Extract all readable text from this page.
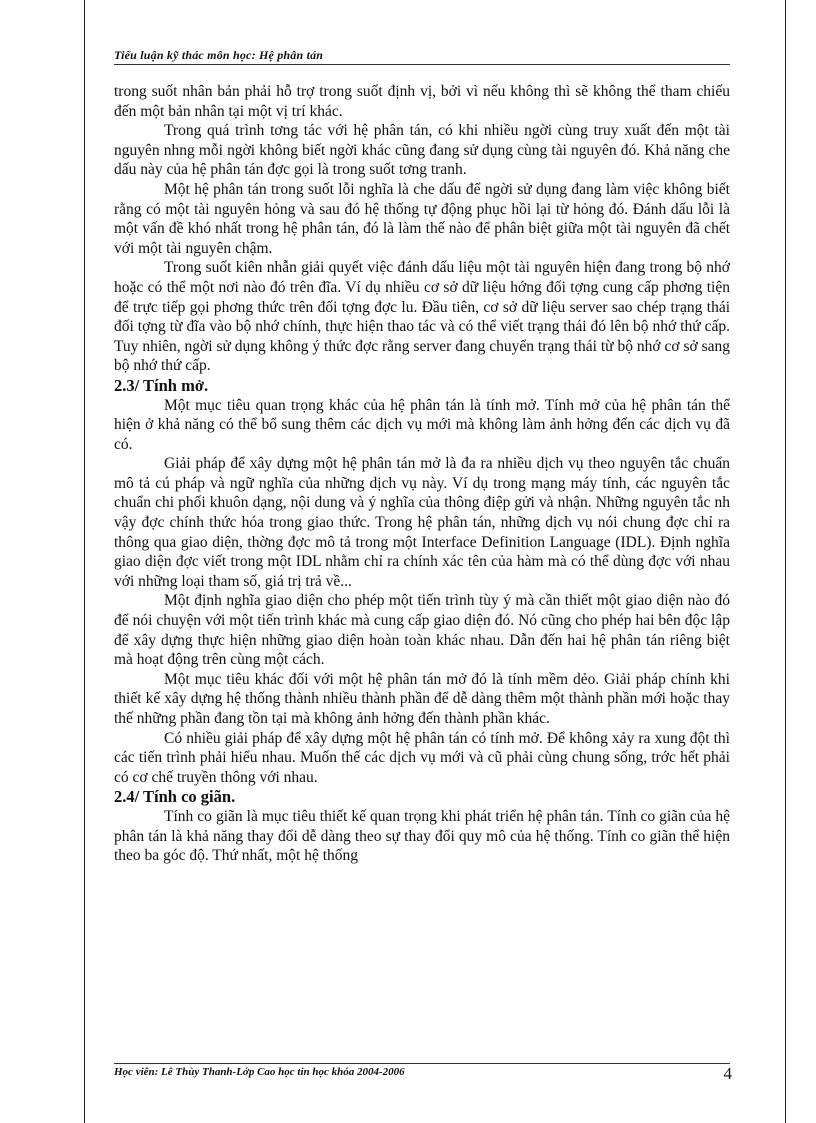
Tiểu luận kỹ thác môn học: Hệ phân tán

trong suốt nhân bản phải hỗ trợ trong suốt định vị, bởi vì nếu không thì sẽ không thể tham chiếu đến một bản nhân tại một vị trí khác.

Trong quá trình tơng tác với hệ phân tán, có khi nhiều ngời cùng truy xuất đến một tài nguyên nhng mỗi ngời không biết ngời khác cũng đang sử dụng cùng tài nguyên đó. Khả năng che dấu này của hệ phân tán đợc gọi là trong suốt tơng tranh.

Một hệ phân tán trong suốt lỗi nghĩa là che dấu để ngời sử dụng đang làm việc không biết rằng có một tài nguyên hỏng và sau đó hệ thống tự động phục hồi lại từ hỏng đó. Đánh dấu lỗi là một vấn đề khó nhất trong hệ phân tán, đó là làm thế nào để phân biệt giữa một tài nguyên đã chết với một tài nguyên chậm.

Trong suốt kiên nhẫn giải quyết việc đánh dấu liệu một tài nguyên hiện đang trong bộ nhớ hoặc có thể một nơi nào đó trên đĩa. Ví dụ nhiều cơ sở dữ liệu hớng đối tợng cung cấp phơng tiện để trực tiếp gọi phơng thức trên đối tợng đợc lu. Đầu tiên, cơ sở dữ liệu server sao chép trạng thái đối tợng từ đĩa vào bộ nhớ chính, thực hiện thao tác và có thể viết trạng thái đó lên bộ nhớ thứ cấp. Tuy nhiên, ngời sử dụng không ý thức đợc rằng server đang chuyển trạng thái từ bộ nhớ cơ sở sang bộ nhớ thứ cấp.

2.3/ Tính mở.

Một mục tiêu quan trọng khác của hệ phân tán là tính mở. Tính mở của hệ phân tán thể hiện ở khả năng có thể bổ sung thêm các dịch vụ mới mà không làm ảnh hởng đến các dịch vụ đã có.

Giải pháp để xây dựng một hệ phân tán mở là đa ra nhiều dịch vụ theo nguyên tắc chuẩn mô tả cú pháp và ngữ nghĩa của những dịch vụ này. Ví dụ trong mạng máy tính, các nguyên tắc chuẩn chi phối khuôn dạng, nội dung và ý nghĩa của thông điệp gửi và nhận. Những nguyên tắc nh vậy đợc chính thức hóa trong giao thức. Trong hệ phân tán, những dịch vụ nói chung đợc chỉ ra thông qua giao diện, thờng đợc mô tả trong một Interface Definition Language (IDL). Định nghĩa giao diện đợc viết trong một IDL nhằm chỉ ra chính xác tên của hàm mà có thể dùng đợc với nhau với những loại tham số, giá trị trả về...

Một định nghĩa giao diện cho phép một tiến trình tùy ý mà cần thiết một giao diện nào đó để nói chuyện với một tiến trình khác mà cung cấp giao diện đó. Nó cũng cho phép hai bên độc lập để xây dựng thực hiện những giao diện hoàn toàn khác nhau. Dẫn đến hai hệ phân tán riêng biệt mà hoạt động trên cùng một cách.

Một mục tiêu khác đối với một hệ phân tán mở đó là tính mềm dẻo. Giải pháp chính khi thiết kế xây dựng hệ thống thành nhiều thành phần để dễ dàng thêm một thành phần mới hoặc thay thế những phần đang tồn tại mà không ảnh hởng đến thành phần khác.

Có nhiều giải pháp để xây dựng một hệ phân tán có tính mở. Để không xảy ra xung đột thì các tiến trình phải hiểu nhau. Muốn thế các dịch vụ mới và cũ phải cùng chung sống, trớc hết phải có cơ chế truyền thông với nhau.

2.4/ Tính co giãn.

Tính co giãn là mục tiêu thiết kế quan trọng khi phát triển hệ phân tán. Tính co giãn của hệ phân tán là khả năng thay đổi dễ dàng theo sự thay đổi quy mô của hệ thống. Tính co giãn thể hiện theo ba góc độ. Thứ nhất, một hệ thống

Học viên: Lê Thùy Thanh-Lớp Cao học tin học khóa 2004-2006	4
